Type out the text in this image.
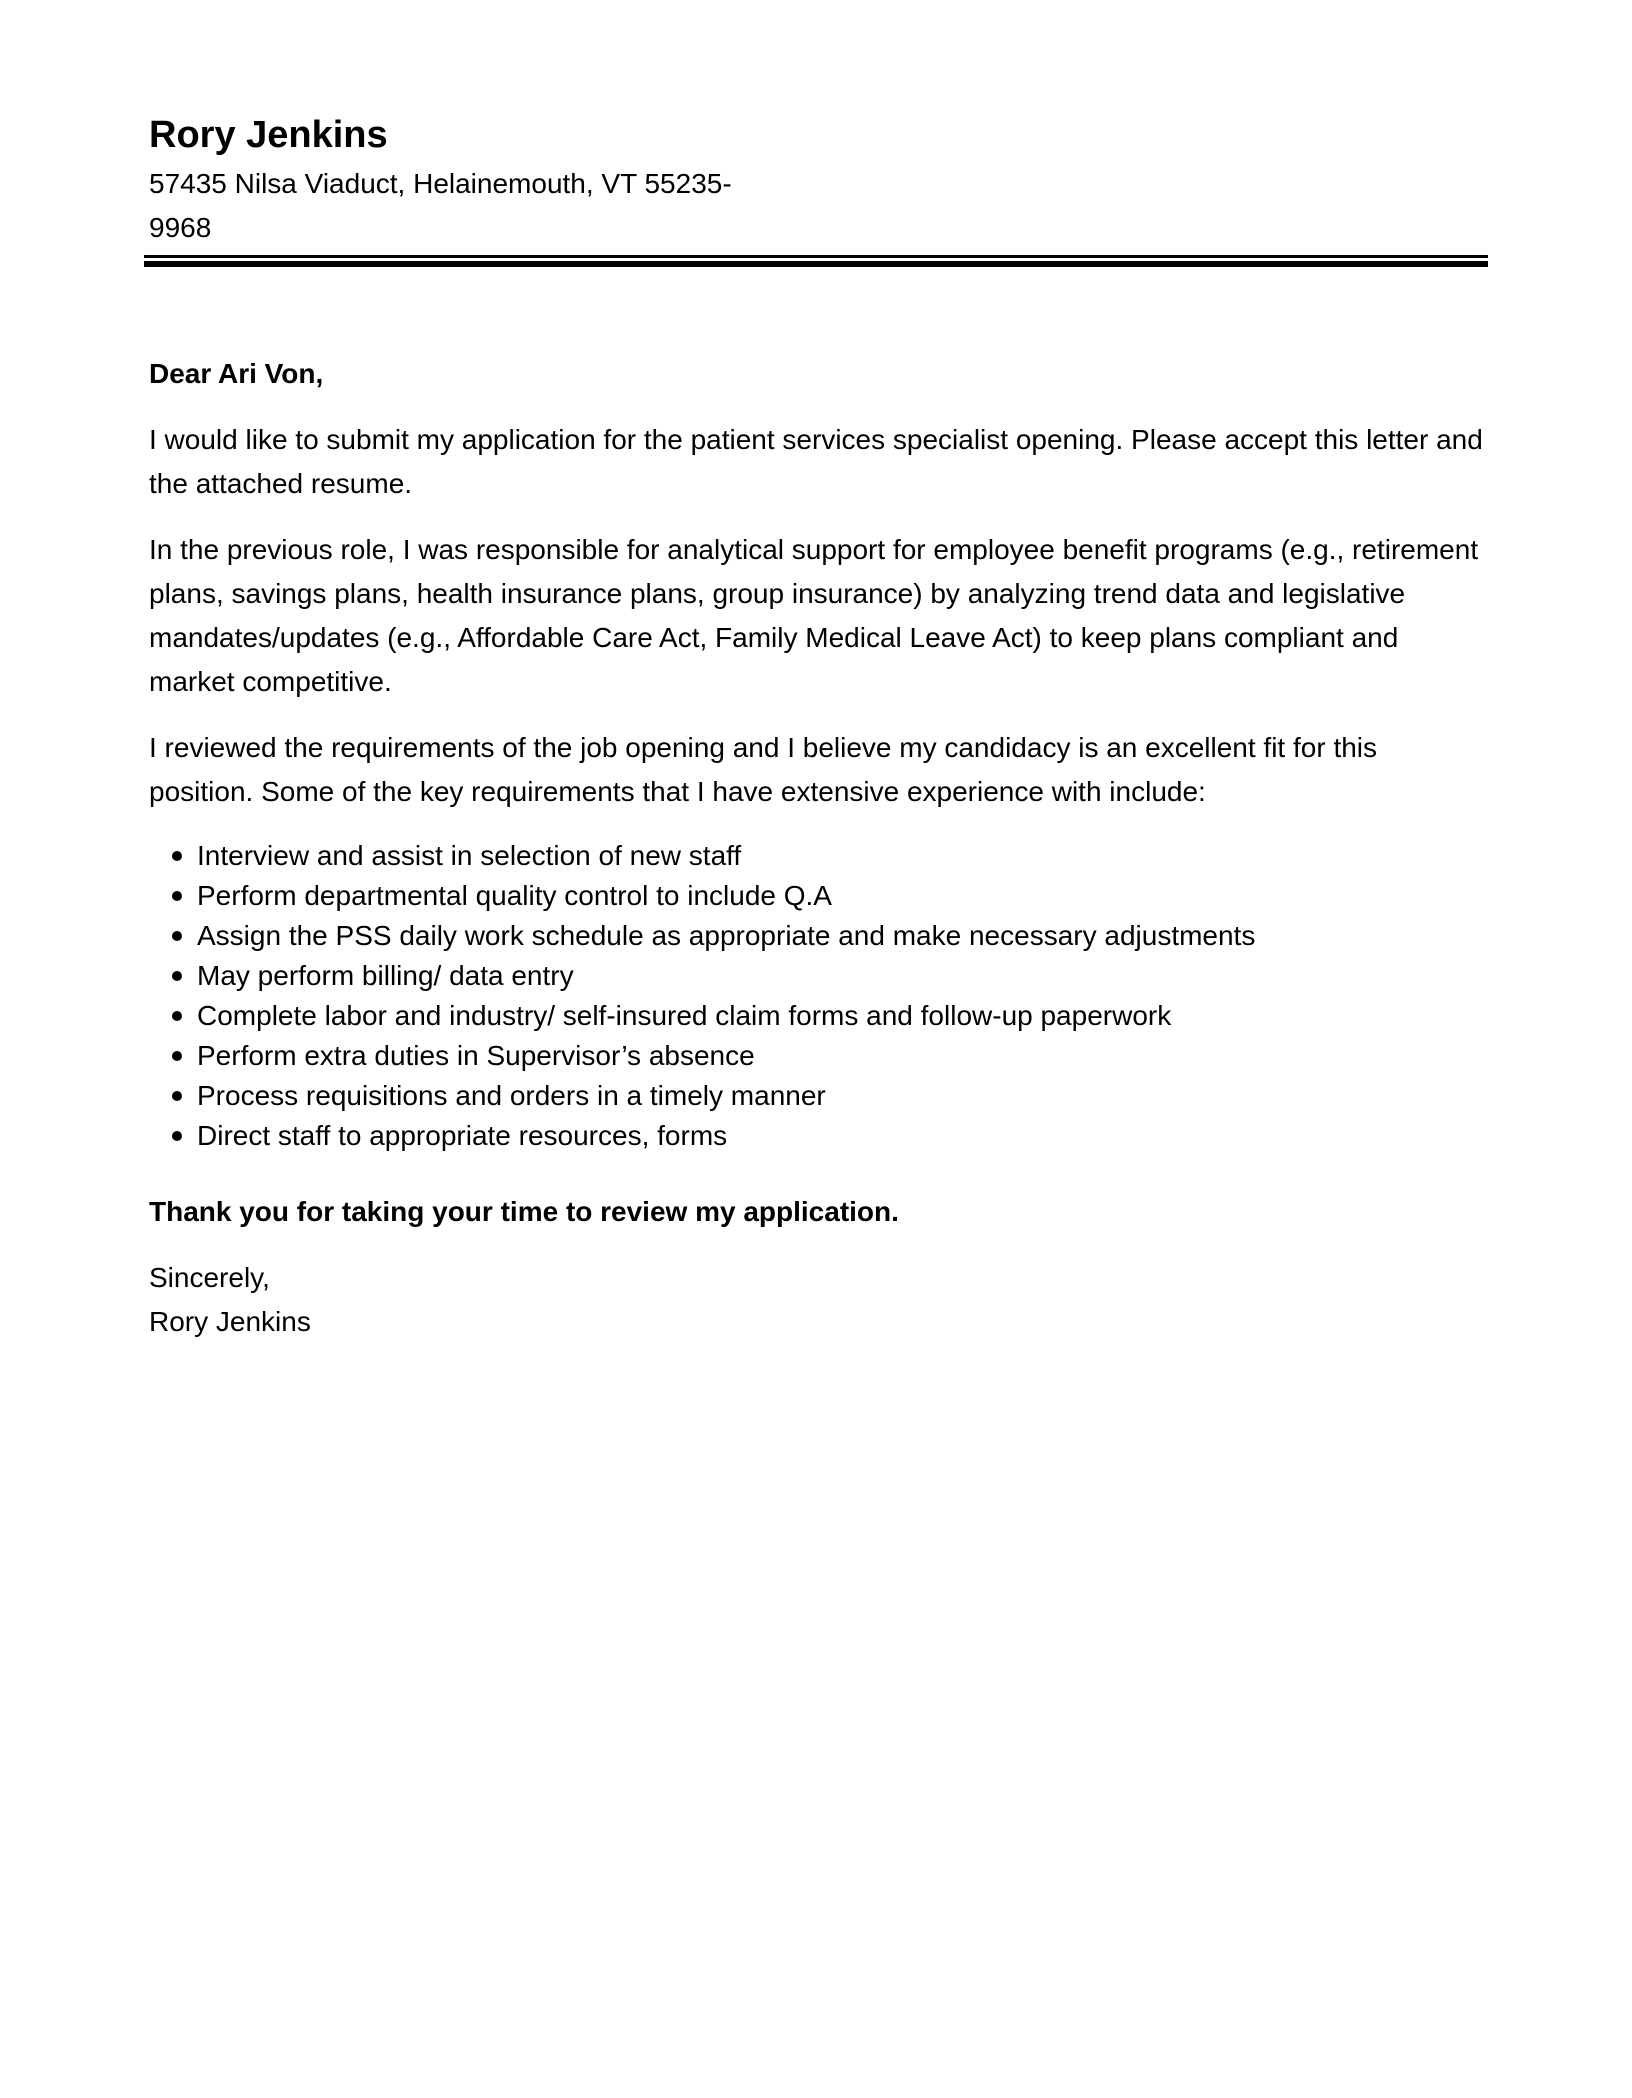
Rory Jenkins

57435 Nilsa Viaduct, Helainemouth, VT 55235-9968

Dear Ari Von,

I would like to submit my application for the patient services specialist opening. Please accept this letter and the attached resume.

In the previous role, I was responsible for analytical support for employee benefit programs (e.g., retirement plans, savings plans, health insurance plans, group insurance) by analyzing trend data and legislative mandates/updates (e.g., Affordable Care Act, Family Medical Leave Act) to keep plans compliant and market competitive.

I reviewed the requirements of the job opening and I believe my candidacy is an excellent fit for this position. Some of the key requirements that I have extensive experience with include:

Interview and assist in selection of new staff
Perform departmental quality control to include Q.A
Assign the PSS daily work schedule as appropriate and make necessary adjustments
May perform billing/ data entry
Complete labor and industry/ self-insured claim forms and follow-up paperwork
Perform extra duties in Supervisor’s absence
Process requisitions and orders in a timely manner
Direct staff to appropriate resources, forms

Thank you for taking your time to review my application.

Sincerely,

Rory Jenkins
